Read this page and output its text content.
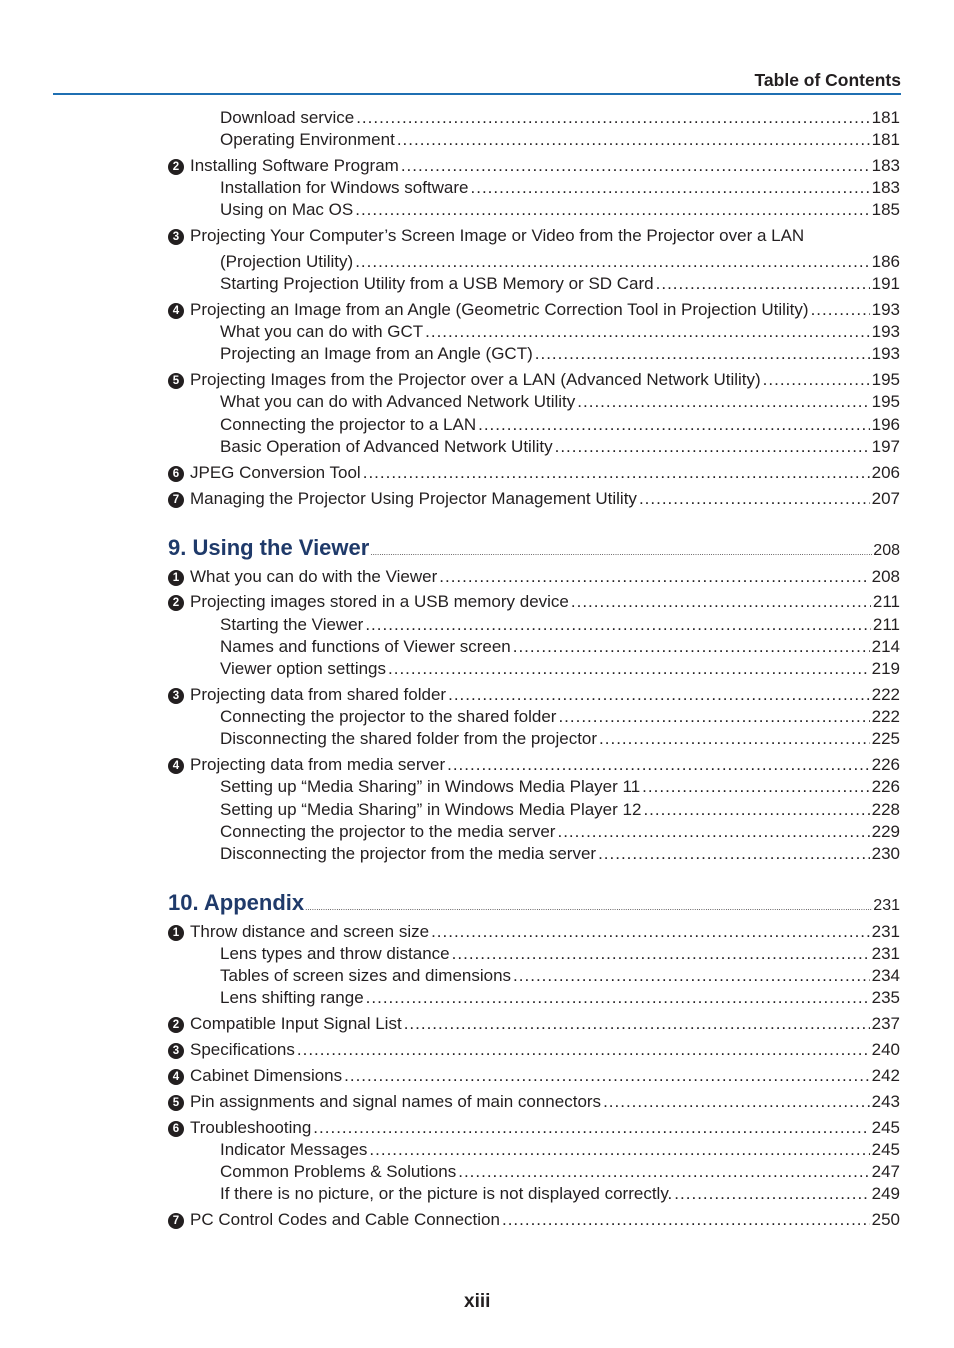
Table of Contents
Download service .....	181
Operating Environment .....	181
2 Installing Software Program .....	183
Installation for Windows software .....	183
Using on Mac OS .....	185
3 Projecting Your Computer’s Screen Image or Video from the Projector over a LAN
(Projection Utility) .....	186
Starting Projection Utility from a USB Memory or SD Card .....	191
4 Projecting an Image from an Angle (Geometric Correction Tool in Projection Utility) .....	193
What you can do with GCT .....	193
Projecting an Image from an Angle (GCT) .....	193
5 Projecting Images from the Projector over a LAN (Advanced Network Utility) .....	195
What you can do with Advanced Network Utility .....	195
Connecting the projector to a LAN .....	196
Basic Operation of Advanced Network Utility .....	197
6 JPEG Conversion Tool .....	206
7 Managing the Projector Using Projector Management Utility .....	207
9. Using the Viewer .....	208
1 What you can do with the Viewer .....	208
2 Projecting images stored in a USB memory device .....	211
Starting the Viewer .....	211
Names and functions of Viewer screen .....	214
Viewer option settings .....	219
3 Projecting data from shared folder .....	222
Connecting the projector to the shared folder .....	222
Disconnecting the shared folder from the projector .....	225
4 Projecting data from media server .....	226
Setting up “Media Sharing” in Windows Media Player 11 .....	226
Setting up “Media Sharing” in Windows Media Player 12 .....	228
Connecting the projector to the media server .....	229
Disconnecting the projector from the media server .....	230
10. Appendix .....	231
1 Throw distance and screen size .....	231
Lens types and throw distance .....	231
Tables of screen sizes and dimensions .....	234
Lens shifting range .....	235
2 Compatible Input Signal List .....	237
3 Specifications .....	240
4 Cabinet Dimensions .....	242
5 Pin assignments and signal names of main connectors .....	243
6 Troubleshooting .....	245
Indicator Messages .....	245
Common Problems & Solutions .....	247
If there is no picture, or the picture is not displayed correctly. .....	249
7 PC Control Codes and Cable Connection .....	250
xiii
